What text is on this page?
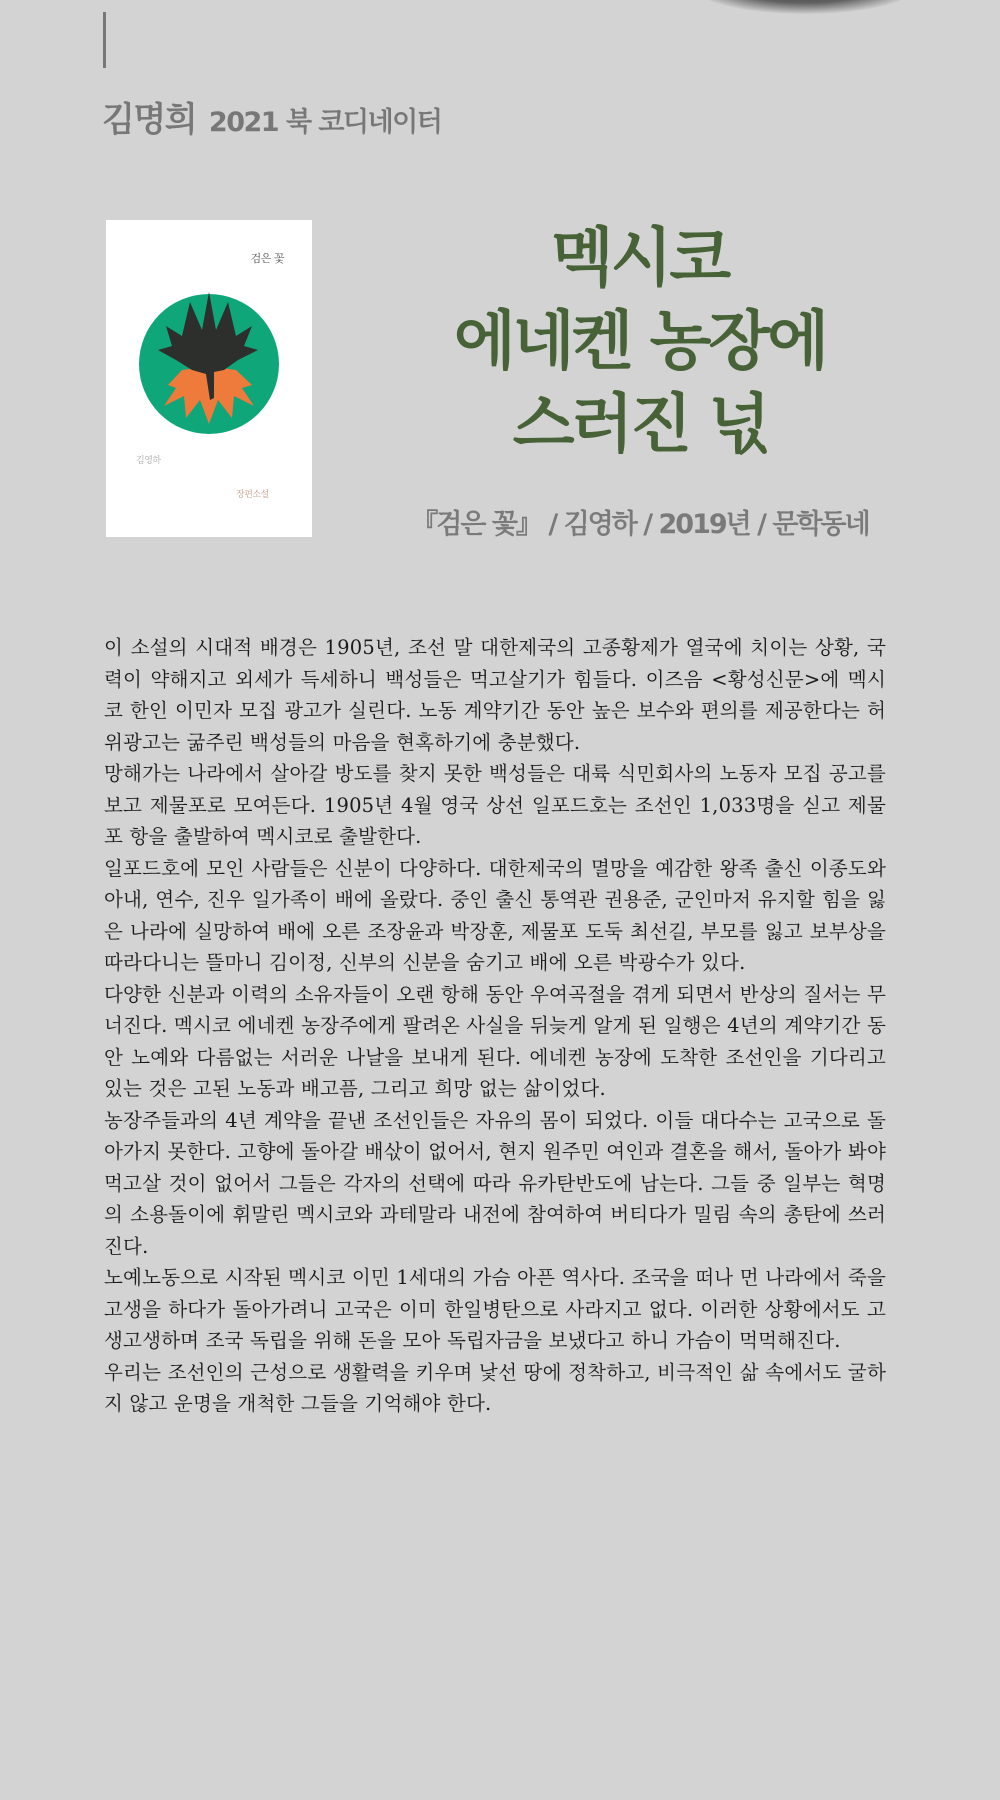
김명희 2021 북 코디네이터
검은 꽃
김영하
장편소설
멕시코
에네켄 농장에
스러진 넋
『검은 꽃』 / 김영하 / 2019년 / 문학동네

이 소설의 시대적 배경은 1905년, 조선 말 대한제국의 고종황제가 열국에 치이는 상황, 국력이 약해지고 외세가 득세하니 백성들은 먹고살기가 힘들다. 이즈음 <황성신문>에 멕시코 한인 이민자 모집 광고가 실린다. 노동 계약기간 동안 높은 보수와 편의를 제공한다는 허위광고는 굶주린 백성들의 마음을 현혹하기에 충분했다.

망해가는 나라에서 살아갈 방도를 찾지 못한 백성들은 대륙 식민회사의 노동자 모집 공고를 보고 제물포로 모여든다. 1905년 4월 영국 상선 일포드호는 조선인 1,033명을 싣고 제물포 항을 출발하여 멕시코로 출발한다.

일포드호에 모인 사람들은 신분이 다양하다. 대한제국의 멸망을 예감한 왕족 출신 이종도와 아내, 연수, 진우 일가족이 배에 올랐다. 중인 출신 통역관 권용준, 군인마저 유지할 힘을 잃은 나라에 실망하여 배에 오른 조장윤과 박장훈, 제물포 도둑 최선길, 부모를 잃고 보부상을 따라다니는 뜰마니 김이정, 신부의 신분을 숨기고 배에 오른 박광수가 있다.

다양한 신분과 이력의 소유자들이 오랜 항해 동안 우여곡절을 겪게 되면서 반상의 질서는 무너진다. 멕시코 에네켄 농장주에게 팔려온 사실을 뒤늦게 알게 된 일행은 4년의 계약기간 동안 노예와 다름없는 서러운 나날을 보내게 된다. 에네켄 농장에 도착한 조선인을 기다리고 있는 것은 고된 노동과 배고픔, 그리고 희망 없는 삶이었다.

농장주들과의 4년 계약을 끝낸 조선인들은 자유의 몸이 되었다. 이들 대다수는 고국으로 돌아가지 못한다. 고향에 돌아갈 배삯이 없어서, 현지 원주민 여인과 결혼을 해서, 돌아가 봐야 먹고살 것이 없어서 그들은 각자의 선택에 따라 유카탄반도에 남는다. 그들 중 일부는 혁명의 소용돌이에 휘말린 멕시코와 과테말라 내전에 참여하여 버티다가 밀림 속의 총탄에 쓰러진다.

노예노동으로 시작된 멕시코 이민 1세대의 가슴 아픈 역사다. 조국을 떠나 먼 나라에서 죽을 고생을 하다가 돌아가려니 고국은 이미 한일병탄으로 사라지고 없다. 이러한 상황에서도 고생고생하며 조국 독립을 위해 돈을 모아 독립자금을 보냈다고 하니 가슴이 먹먹해진다.

우리는 조선인의 근성으로 생활력을 키우며 낯선 땅에 정착하고, 비극적인 삶 속에서도 굴하지 않고 운명을 개척한 그들을 기억해야 한다.
